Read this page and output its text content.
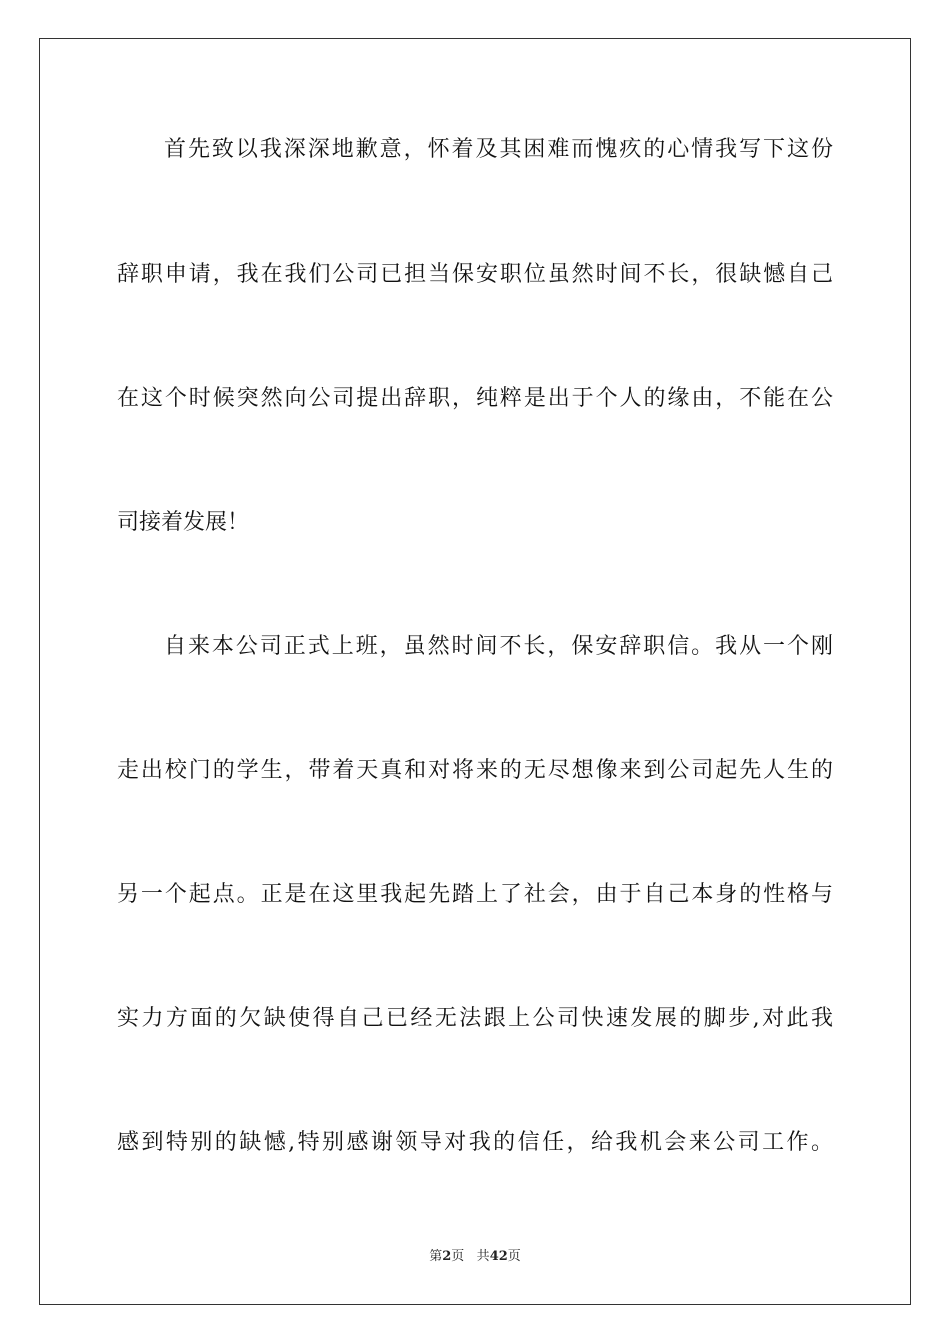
首先致以我深深地歉意，怀着及其困难而愧疚的心情我写下这份
辞职申请，我在我们公司已担当保安职位虽然时间不长，很缺憾自己
在这个时候突然向公司提出辞职，纯粹是出于个人的缘由，不能在公
司接着发展！
自来本公司正式上班，虽然时间不长，保安辞职信。我从一个刚
走出校门的学生，带着天真和对将来的无尽想像来到公司起先人生的
另一个起点。正是在这里我起先踏上了社会，由于自己本身的性格与
实力方面的欠缺使得自己已经无法跟上公司快速发展的脚步,对此我
感到特别的缺憾,特别感谢领导对我的信任，给我机会来公司工作。
第2页 共42页
